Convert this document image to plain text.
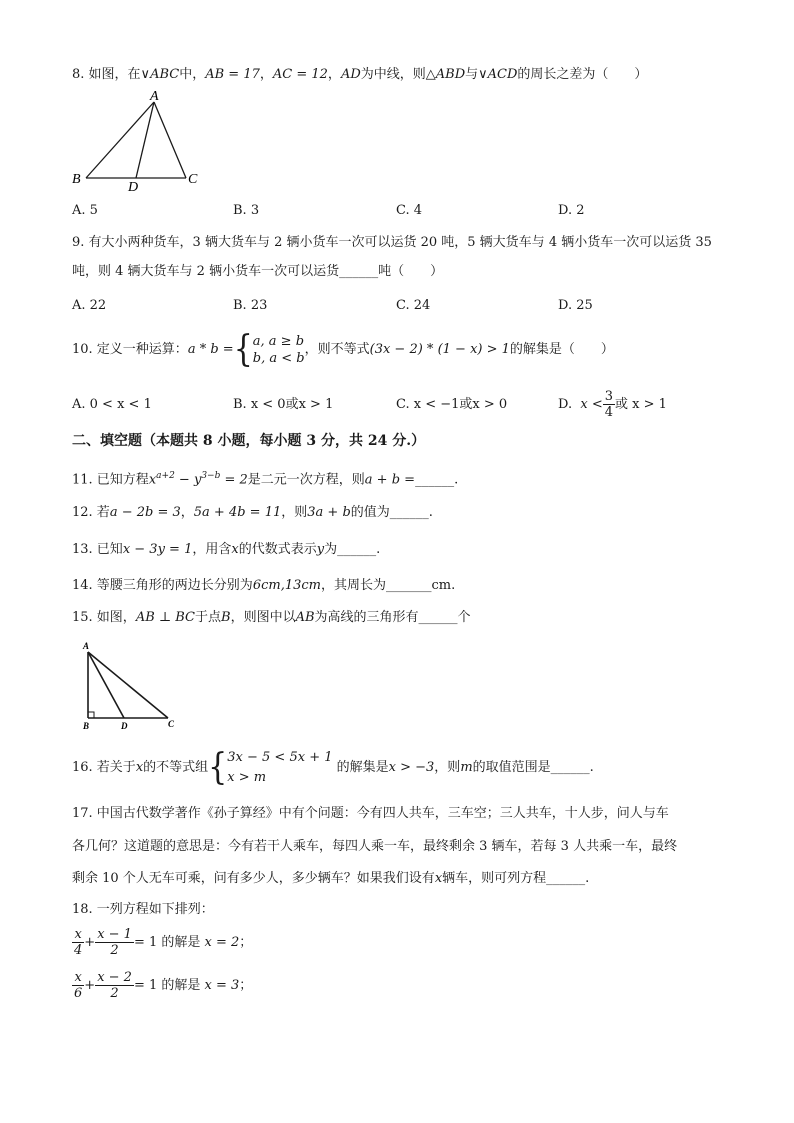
8. 如图，在∨ABC中，AB = 17，AC = 12，AD为中线，则△ABD与∨ACD的周长之差为（　　）
A
B	C
D
A. 5	B. 3	C. 4	D. 2
9. 有大小两种货车，3 辆大货车与 2 辆小货车一次可以运货 20 吨，5 辆大货车与 4 辆小货车一次可以运货 35
吨，则 4 辆大货车与 2 辆小货车一次可以运货______吨（　　）
A. 22	B. 23	C. 24	D. 25
10. 定义一种运算：a * b ={ a, a ≥ b
b, a < b
，则不等式(3x − 2) * (1 − x) > 1的解集是（　　）
A. 0 < x < 1	B. x < 0或x > 1	C. x < −1或x > 0	D. $x < \frac{3}{4}$ 或 x > 1
二、填空题（本题共 8 小题，每小题 3 分，共 24 分.）
11. 已知方程$x^{a+2} - y^{3-b} = 2$是二元一次方程，则a + b =______.
12. 若a − 2b = 3，5a + 4b = 11，则3a + b的值为______.
13. 已知x − 3y = 1，用含x的代数式表示y为______.
14. 等腰三角形的两边长分别为6cm,13cm，其周长为_______cm.
15. 如图，AB ⊥ BC于点B，则图中以AB为高线的三角形有______个
A
B	D	C
16. 若关于x的不等式组{ 3x − 5 < 5x + 1
x > m
的解集是x > −3，则m的取值范围是______.
17. 中国古代数学著作《孙子算经》中有个问题：今有四人共车，三车空；三人共车，十人步，问人与车
各几何？这道题的意思是：今有若干人乘车，每四人乘一车，最终剩余 3 辆车，若每 3 人共乘一车，最终
剩余 10 个人无车可乘，问有多少人，多少辆车？如果我们设有x辆车，则可列方程______.
18. 一列方程如下排列：
$\frac{x}{4} + \frac{x - 1}{2} = 1$ 的解是 x = 2；
$\frac{x}{6} + \frac{x - 2}{2} = 1$ 的解是 x = 3；
